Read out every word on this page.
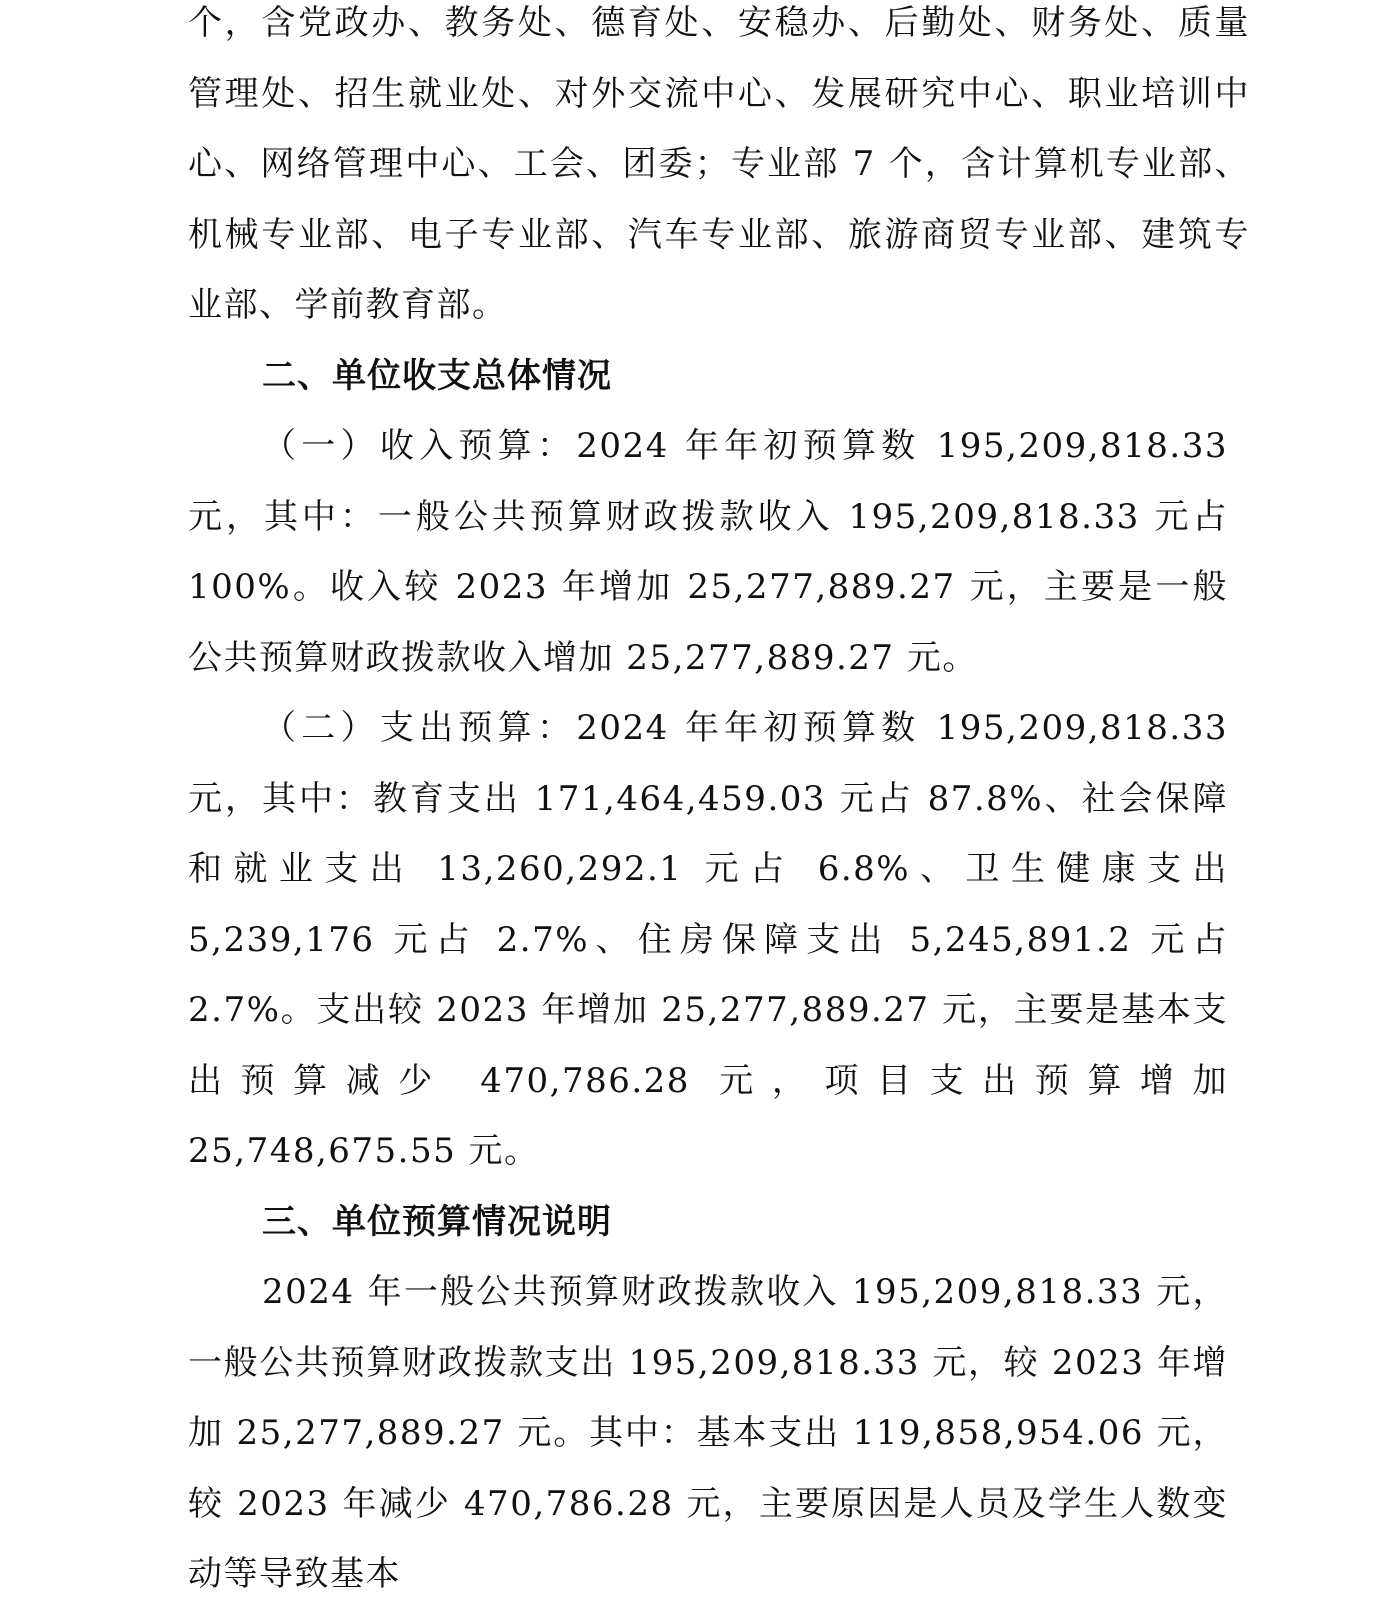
个，含党政办、教务处、德育处、安稳办、后勤处、财务处、质量管理处、招生就业处、对外交流中心、发展研究中心、职业培训中心、网络管理中心、工会、团委；专业部 7 个，含计算机专业部、机械专业部、电子专业部、汽车专业部、旅游商贸专业部、建筑专业部、学前教育部。

二、单位收支总体情况

（一）收入预算：2024 年年初预算数 195,209,818.33 元，其中：一般公共预算财政拨款收入 195,209,818.33 元占 100%。收入较 2023 年增加 25,277,889.27 元，主要是一般公共预算财政拨款收入增加 25,277,889.27 元。

（二）支出预算：2024 年年初预算数 195,209,818.33 元，其中：教育支出 171,464,459.03 元占 87.8%、社会保障和就业支出 13,260,292.1 元占 6.8%、卫生健康支出 5,239,176 元占 2.7%、住房保障支出 5,245,891.2 元占 2.7%。支出较 2023 年增加 25,277,889.27 元，主要是基本支出预算减少 470,786.28 元，项目支出预算增加 25,748,675.55 元。

三、单位预算情况说明

2024 年一般公共预算财政拨款收入 195,209,818.33 元，一般公共预算财政拨款支出 195,209,818.33 元，较 2023 年增加 25,277,889.27 元。其中：基本支出 119,858,954.06 元，较 2023 年减少 470,786.28 元，主要原因是人员及学生人数变动等导致基本
